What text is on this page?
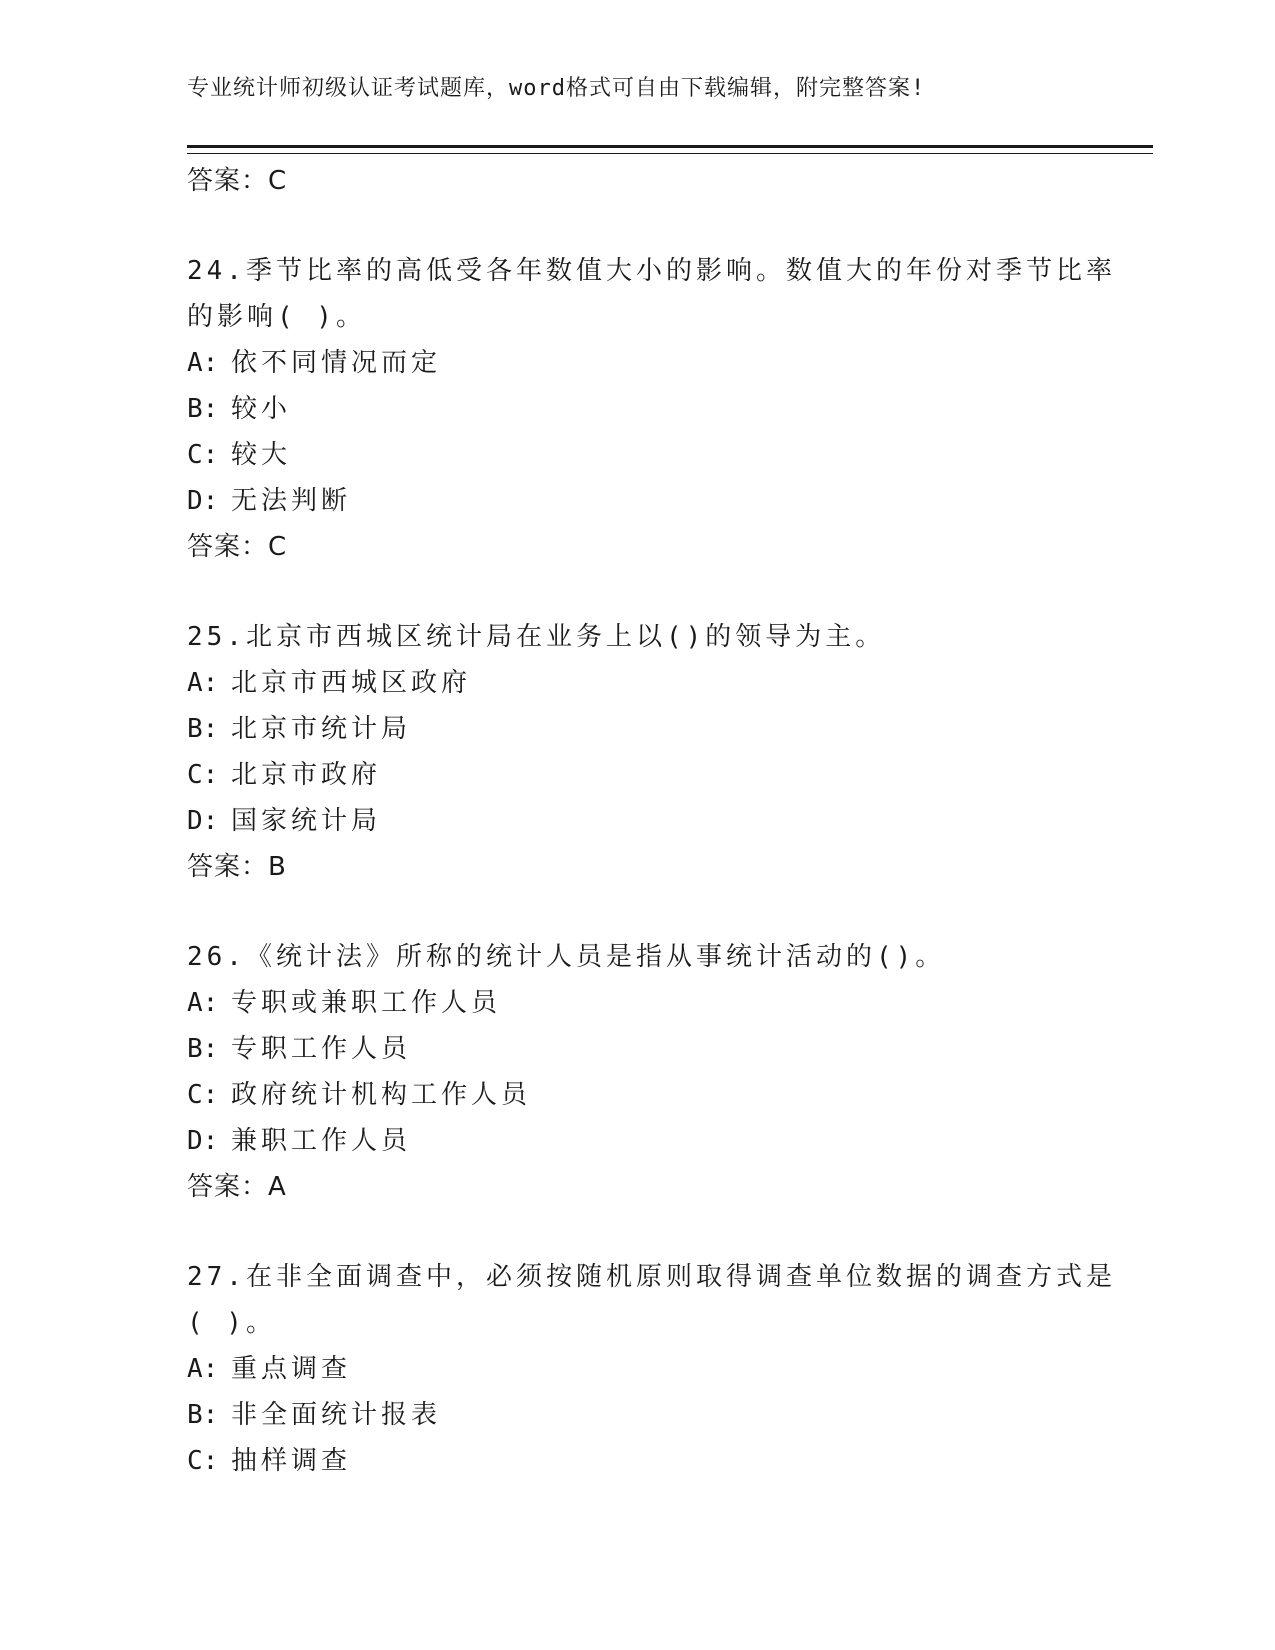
专业统计师初级认证考试题库，word格式可自由下载编辑，附完整答案!
答案：C
24.季节比率的高低受各年数值大小的影响。数值大的年份对季节比率
的影响( )。
A: 依不同情况而定
B: 较小
C: 较大
D: 无法判断
答案：C
25.北京市西城区统计局在业务上以()的领导为主。
A: 北京市西城区政府
B: 北京市统计局
C: 北京市政府
D: 国家统计局
答案：B
26.《统计法》所称的统计人员是指从事统计活动的()。
A: 专职或兼职工作人员
B: 专职工作人员
C: 政府统计机构工作人员
D: 兼职工作人员
答案：A
27.在非全面调查中，必须按随机原则取得调查单位数据的调查方式是
( )。
A: 重点调查
B: 非全面统计报表
C: 抽样调查
